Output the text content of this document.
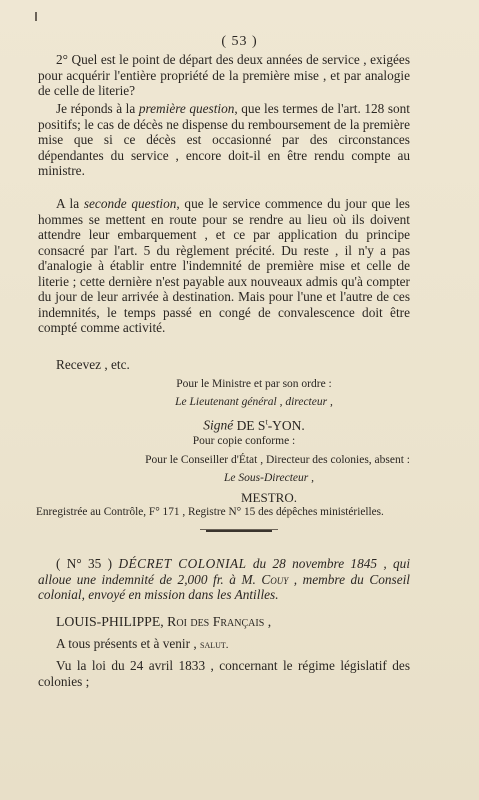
( 53 )

2° Quel est le point de départ des deux années de service , exigées pour acquérir l'entière propriété de la première mise , et par analogie de celle de literie?

Je réponds à la première question, que les termes de l'art. 128 sont positifs; le cas de décès ne dispense du remboursement de la première mise que si ce décès est occasionné par des circonstances dépendantes du service , encore doit-il en être rendu compte au ministre.

A la seconde question, que le service commence du jour que les hommes se mettent en route pour se rendre au lieu où ils doivent attendre leur embarquement , et ce par application du principe consacré par l'art. 5 du règlement précité. Du reste , il n'y a pas d'analogie à établir entre l'indemnité de première mise et celle de literie ; cette dernière n'est payable aux nouveaux admis qu'à compter du jour de leur arrivée à destination. Mais pour l'une et l'autre de ces indemnités, le temps passé en congé de convalescence doit être compté comme activité.

Recevez , etc.

Pour le Ministre et par son ordre :

Le Lieutenant général , directeur ,

Signé DE $S^t$-YON.

Pour copie conforme :

Pour le Conseiller d'État , Directeur des colonies, absent :

Le Sous-Directeur ,

MESTRO.

Enregistrée au Contrôle, F° 171 , Registre N° 15 des dépêches ministérielles.

( N° 35 ) DÉCRET COLONIAL du 28 novembre 1845 , qui alloue une indemnité de 2,000 fr. à M. Couy , membre du Conseil colonial, envoyé en mission dans les Antilles.

LOUIS-PHILIPPE, Roi des Français ,

A tous présents et à venir , salut.

Vu la loi du 24 avril 1833 , concernant le régime législatif des colonies ;
